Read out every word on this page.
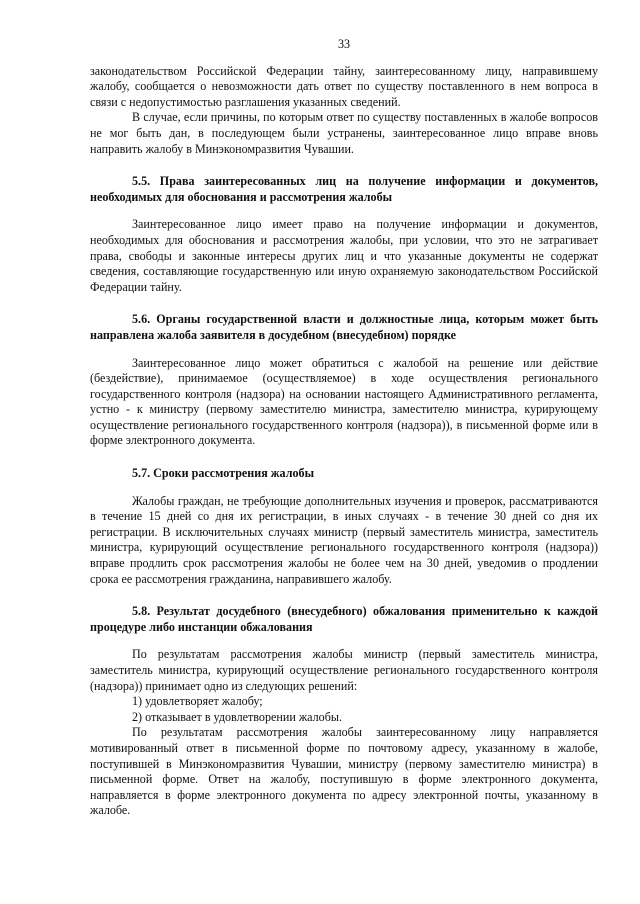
33

законодательством Российской Федерации тайну, заинтересованному лицу, направившему жалобу, сообщается о невозможности дать ответ по существу поставленного в нем вопроса в связи с недопустимостью разглашения указанных сведений.

В случае, если причины, по которым ответ по существу поставленных в жалобе вопросов не мог быть дан, в последующем были устранены, заинтересованное лицо вправе вновь направить жалобу в Минэкономразвития Чувашии.

5.5. Права заинтересованных лиц на получение информации и документов, необходимых для обоснования и рассмотрения жалобы

Заинтересованное лицо имеет право на получение информации и документов, необходимых для обоснования и рассмотрения жалобы, при условии, что это не затрагивает права, свободы и законные интересы других лиц и что указанные документы не содержат сведения, составляющие государственную или иную охраняемую законодательством Российской Федерации тайну.

5.6. Органы государственной власти и должностные лица, которым может быть направлена жалоба заявителя в досудебном (внесудебном) порядке

Заинтересованное лицо может обратиться с жалобой на решение или действие (бездействие), принимаемое (осуществляемое) в ходе осуществления регионального государственного контроля (надзора) на основании настоящего Административного регламента, устно - к министру (первому заместителю министра, заместителю министра, курирующему осуществление регионального государственного контроля (надзора)), в письменной форме или в форме электронного документа.

5.7. Сроки рассмотрения жалобы

Жалобы граждан, не требующие дополнительных изучения и проверок, рассматриваются в течение 15 дней со дня их регистрации, в иных случаях - в течение 30 дней со дня их регистрации. В исключительных случаях министр (первый заместитель министра, заместитель министра, курирующий осуществление регионального государственного контроля (надзора)) вправе продлить срок рассмотрения жалобы не более чем на 30 дней, уведомив о продлении срока ее рассмотрения гражданина, направившего жалобу.

5.8. Результат досудебного (внесудебного) обжалования применительно к каждой процедуре либо инстанции обжалования

По результатам рассмотрения жалобы министр (первый заместитель министра, заместитель министра, курирующий осуществление регионального государственного контроля (надзора)) принимает одно из следующих решений:

1) удовлетворяет жалобу;

2) отказывает в удовлетворении жалобы.

По результатам рассмотрения жалобы заинтересованному лицу направляется мотивированный ответ в письменной форме по почтовому адресу, указанному в жалобе, поступившей в Минэкономразвития Чувашии, министру (первому заместителю министра) в письменной форме. Ответ на жалобу, поступившую в форме электронного документа, направляется в форме электронного документа по адресу электронной почты, указанному в жалобе.
